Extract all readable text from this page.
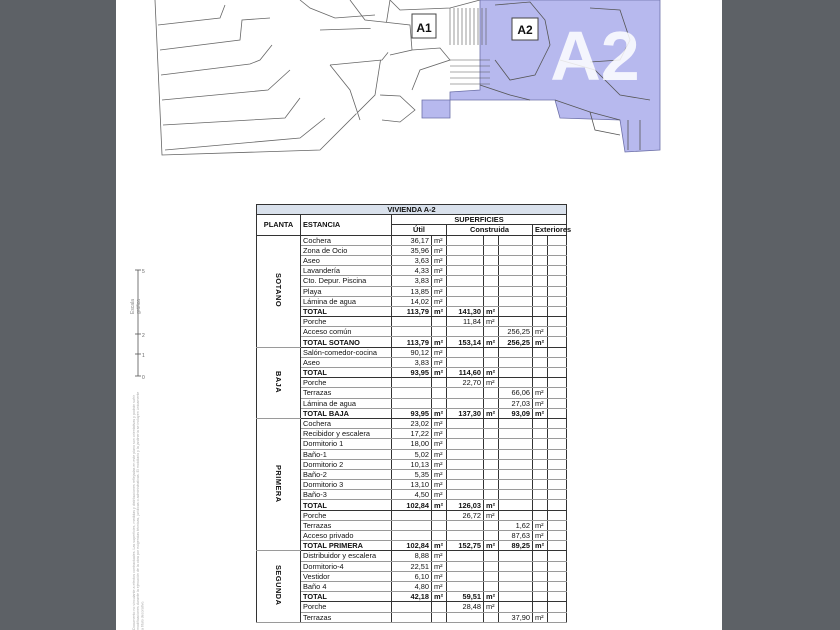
A1	A2 A2
5
2
1
0
Escala gráfica
Documento no vinculante a efectos contractuales. Las superficies, medidas y distribuciones reflejadas en este plano son orientativas y podrán sufrir modificaciones durante la ejecución de la obra por exigencias técnicas, jurídicas o administrativas. El mobiliario y la jardinería se incluyen únicamente a título decorativo.
VIVIENDA A-2								
PLANTA	ESTANCIA	SUPERFICIES						
		Útil		Construida			Exteriores	
SOTANO	Cochera	36,17	m²					
	Zona de Ocio	35,96	m²					
	Aseo	3,63	m²					
	Lavandería	4,33	m²					
	Cto. Depur. Piscina	3,83	m²					
	Playa	13,85	m²					
	Lámina de agua	14,02	m²					
	TOTAL	113,79	m²	141,30	m²			
	Porche			11,84	m²			
	Acceso común					256,25	m²	
	TOTAL SOTANO	113,79	m²	153,14	m²	256,25	m²	
BAJA	Salón-comedor-cocina	90,12	m²					
	Aseo	3,83	m²					
	TOTAL	93,95	m²	114,60	m²			
	Porche			22,70	m²			
	Terrazas					66,06	m²	
	Lámina de agua					27,03	m²	
	TOTAL BAJA	93,95	m²	137,30	m²	93,09	m²	
PRIMERA	Cochera	23,02	m²					
	Recibidor y escalera	17,22	m²					
	Dormitorio 1	18,00	m²					
	Baño-1	5,02	m²					
	Dormitorio 2	10,13	m²					
	Baño-2	5,35	m²					
	Dormitorio 3	13,10	m²					
	Baño-3	4,50	m²					
	TOTAL	102,84	m²	126,03	m²			
	Porche			26,72	m²			
	Terrazas					1,62	m²	
	Acceso privado					87,63	m²	
	TOTAL PRIMERA	102,84	m²	152,75	m²	89,25	m²	
SEGUNDA	Distribuidor y escalera	8,88	m²					
	Dormitorio-4	22,51	m²					
	Vestidor	6,10	m²					
	Baño 4	4,80	m²					
	TOTAL	42,18	m²	59,51	m²			
	Porche			28,48	m²			
	Terrazas					37,90	m²	
